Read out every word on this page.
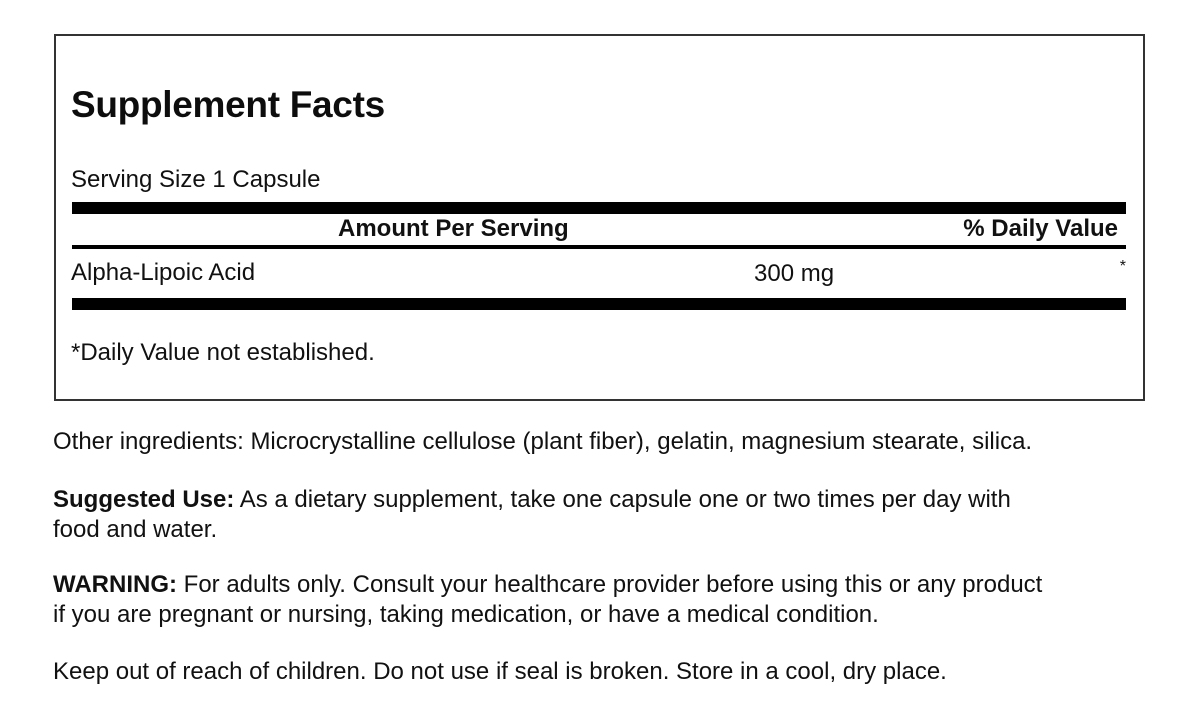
Supplement Facts
Serving Size 1 Capsule
Amount Per Serving	% Daily Value
Alpha-Lipoic Acid	300 mg	*
*Daily Value not established.
Other ingredients: Microcrystalline cellulose (plant fiber), gelatin, magnesium stearate, silica.
Suggested Use: As a dietary supplement, take one capsule one or two times per day with
food and water.
WARNING: For adults only. Consult your healthcare provider before using this or any product
if you are pregnant or nursing, taking medication, or have a medical condition.
Keep out of reach of children. Do not use if seal is broken. Store in a cool, dry place.
